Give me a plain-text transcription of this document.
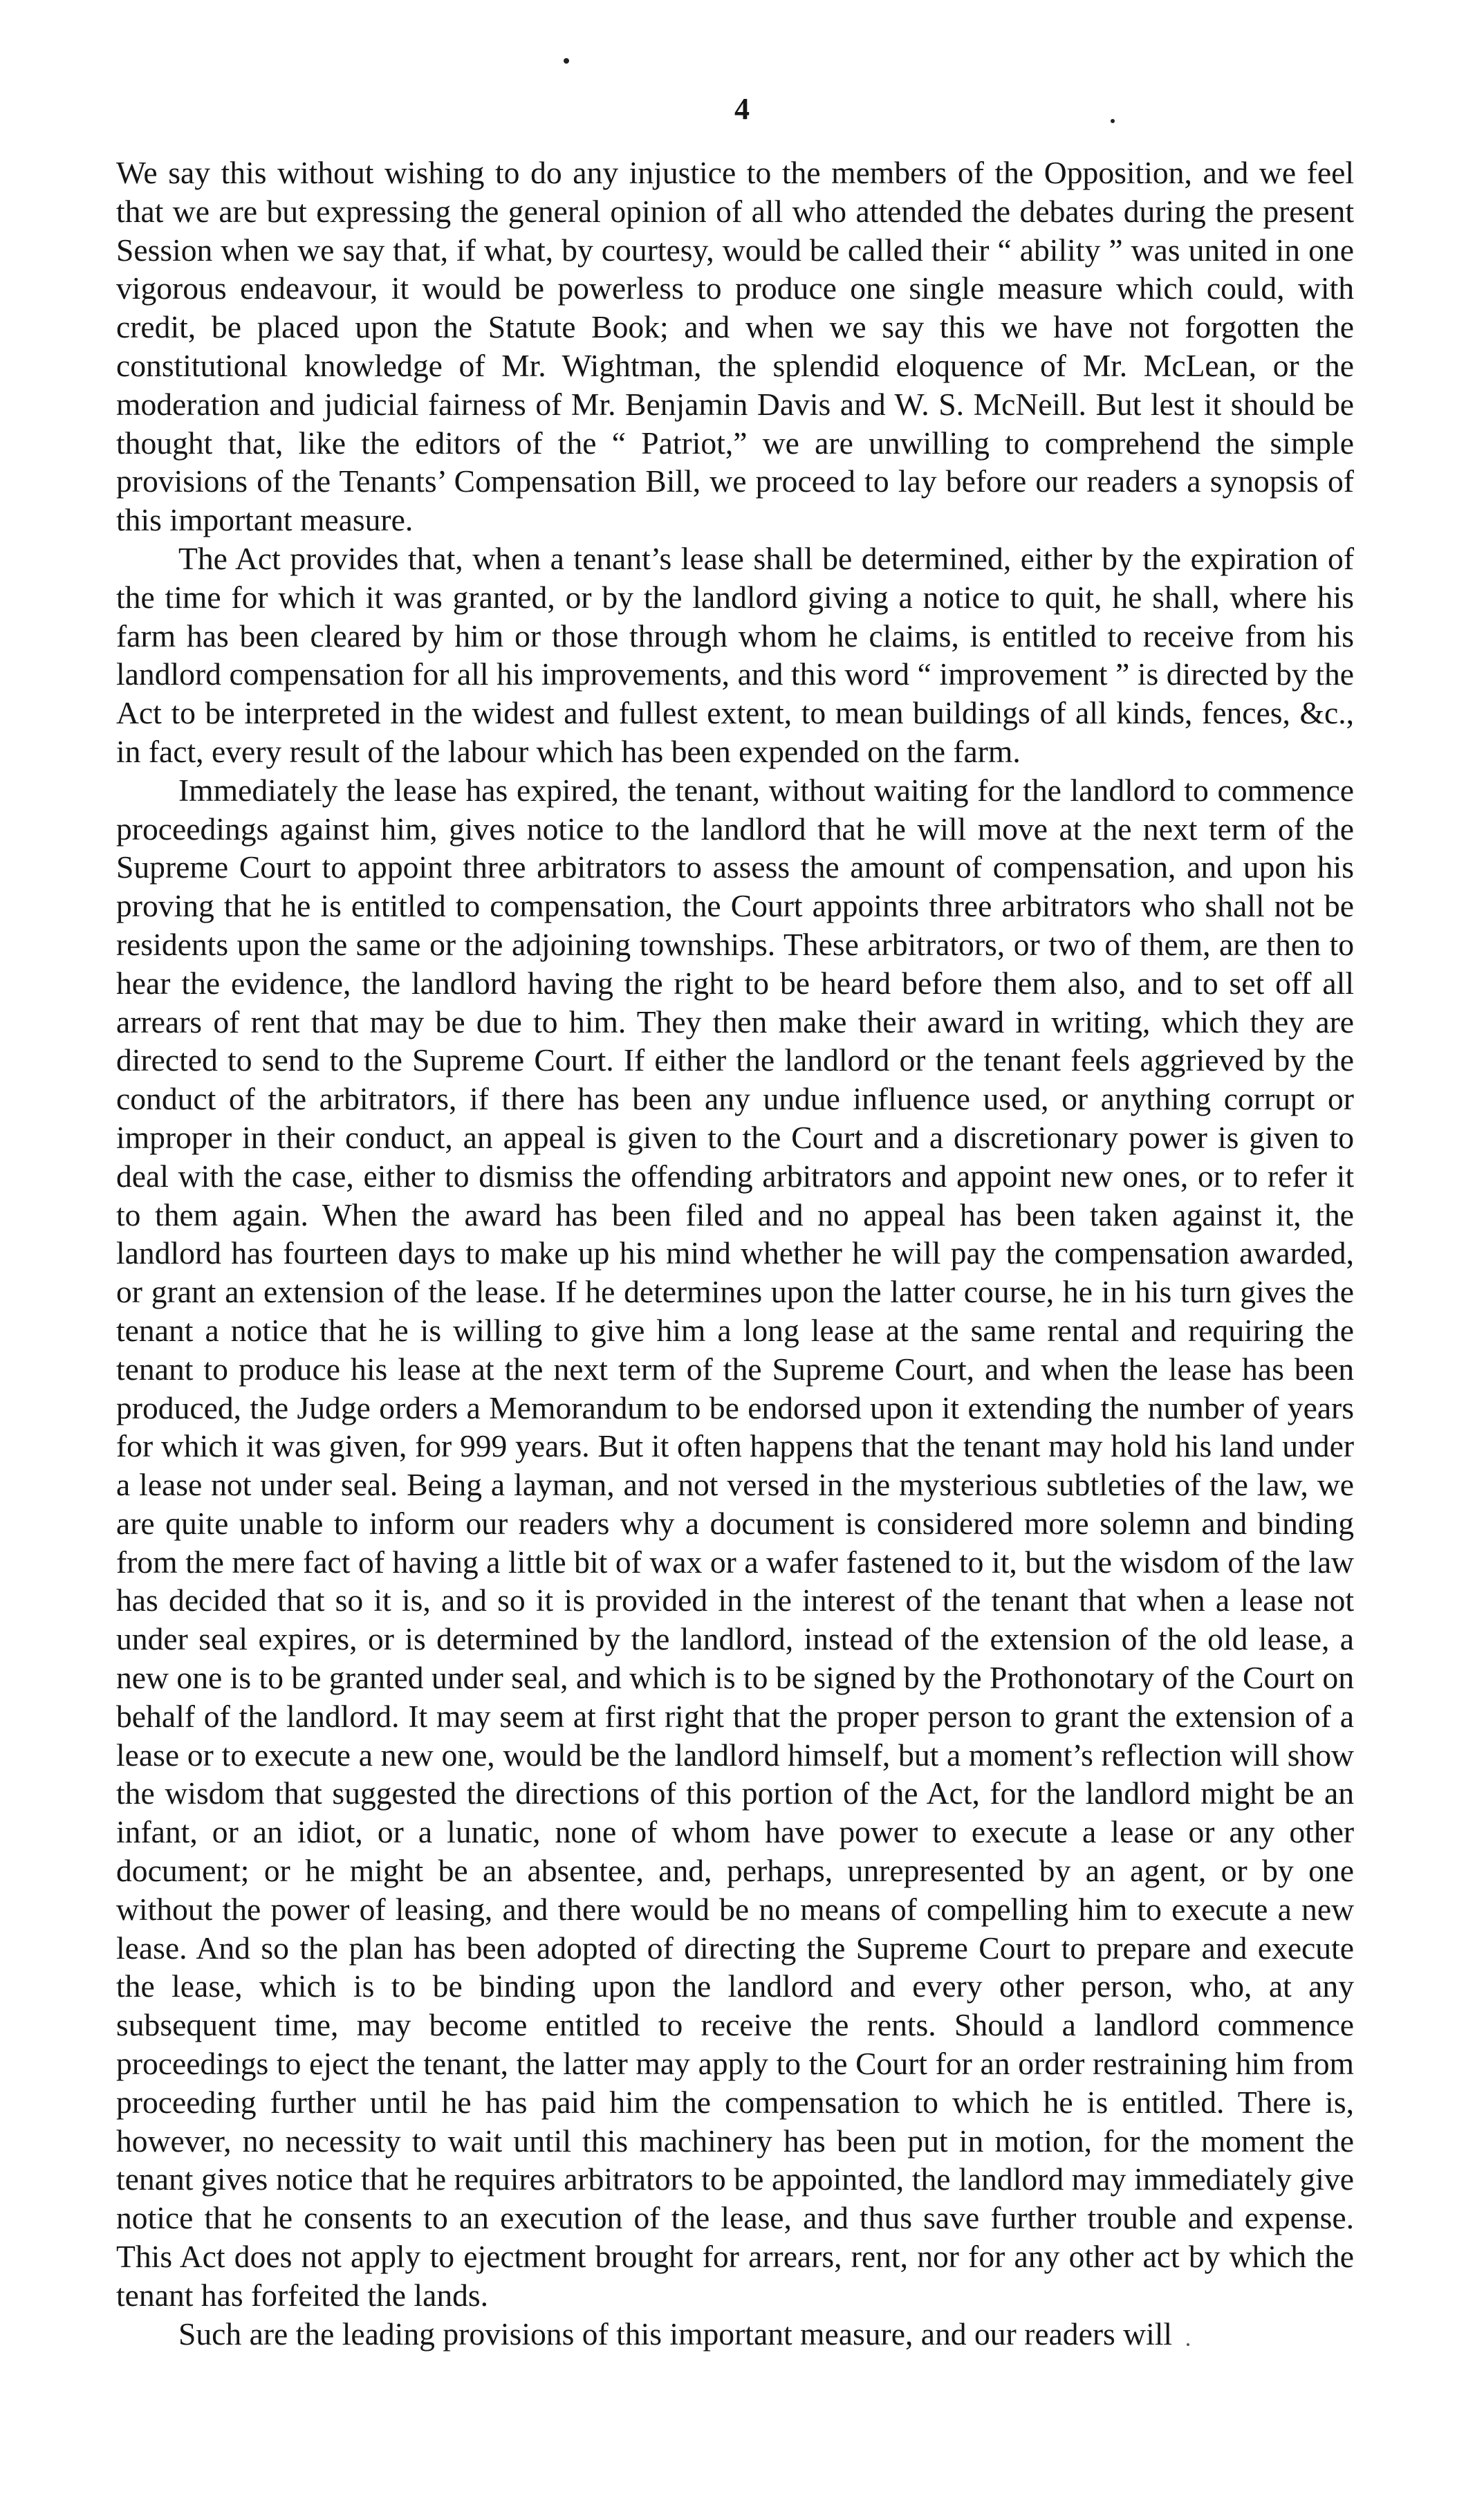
4

We say this without wishing to do any injustice to the members of the Opposition, and we feel that we are but expressing the general opinion of all who attended the debates during the present Session when we say that, if what, by courtesy, would be called their “ ability ” was united in one vigorous endeavour, it would be powerless to produce one single measure which could, with credit, be placed upon the Statute Book; and when we say this we have not forgotten the constitutional knowledge of Mr. Wightman, the splendid eloquence of Mr. McLean, or the moderation and judicial fairness of Mr. Benjamin Davis and W. S. McNeill. But lest it should be thought that, like the editors of the “ Patriot,” we are unwilling to comprehend the simple provisions of the Tenants’ Compensation Bill, we proceed to lay before our readers a synopsis of this important measure.

The Act provides that, when a tenant’s lease shall be determined, either by the expiration of the time for which it was granted, or by the landlord giving a notice to quit, he shall, where his farm has been cleared by him or those through whom he claims, is entitled to receive from his landlord compensation for all his improvements, and this word “ improvement ” is directed by the Act to be interpreted in the widest and fullest extent, to mean buildings of all kinds, fences, &c., in fact, every result of the labour which has been expended on the farm.

Immediately the lease has expired, the tenant, without waiting for the landlord to commence proceedings against him, gives notice to the landlord that he will move at the next term of the Supreme Court to appoint three arbitrators to assess the amount of compensation, and upon his proving that he is entitled to compensation, the Court appoints three arbitrators who shall not be residents upon the same or the adjoining townships. These arbitrators, or two of them, are then to hear the evidence, the landlord having the right to be heard before them also, and to set off all arrears of rent that may be due to him. They then make their award in writing, which they are directed to send to the Supreme Court. If either the landlord or the tenant feels aggrieved by the conduct of the arbitrators, if there has been any undue influence used, or anything corrupt or improper in their conduct, an appeal is given to the Court and a discretionary power is given to deal with the case, either to dismiss the offending arbitrators and appoint new ones, or to refer it to them again. When the award has been filed and no appeal has been taken against it, the landlord has fourteen days to make up his mind whether he will pay the compensation awarded, or grant an extension of the lease. If he determines upon the latter course, he in his turn gives the tenant a notice that he is willing to give him a long lease at the same rental and requiring the tenant to produce his lease at the next term of the Supreme Court, and when the lease has been produced, the Judge orders a Memorandum to be endorsed upon it extending the number of years for which it was given, for 999 years. But it often happens that the tenant may hold his land under a lease not under seal. Being a layman, and not versed in the mysterious subtleties of the law, we are quite unable to inform our readers why a document is considered more solemn and binding from the mere fact of having a little bit of wax or a wafer fastened to it, but the wisdom of the law has decided that so it is, and so it is provided in the interest of the tenant that when a lease not under seal expires, or is determined by the landlord, instead of the extension of the old lease, a new one is to be granted under seal, and which is to be signed by the Prothonotary of the Court on behalf of the landlord. It may seem at first right that the proper person to grant the extension of a lease or to execute a new one, would be the landlord himself, but a moment’s reflection will show the wisdom that suggested the directions of this portion of the Act, for the landlord might be an infant, or an idiot, or a lunatic, none of whom have power to execute a lease or any other document; or he might be an absentee, and, perhaps, unrepresented by an agent, or by one without the power of leasing, and there would be no means of compelling him to execute a new lease. And so the plan has been adopted of directing the Supreme Court to prepare and execute the lease, which is to be binding upon the landlord and every other person, who, at any subsequent time, may become entitled to receive the rents. Should a landlord commence proceedings to eject the tenant, the latter may apply to the Court for an order restraining him from proceeding further until he has paid him the compensation to which he is entitled. There is, however, no necessity to wait until this machinery has been put in motion, for the moment the tenant gives notice that he requires arbitrators to be appointed, the landlord may immediately give notice that he consents to an execution of the lease, and thus save further trouble and expense. This Act does not apply to ejectment brought for arrears, rent, nor for any other act by which the tenant has forfeited the lands.

Such are the leading provisions of this important measure, and our readers will
